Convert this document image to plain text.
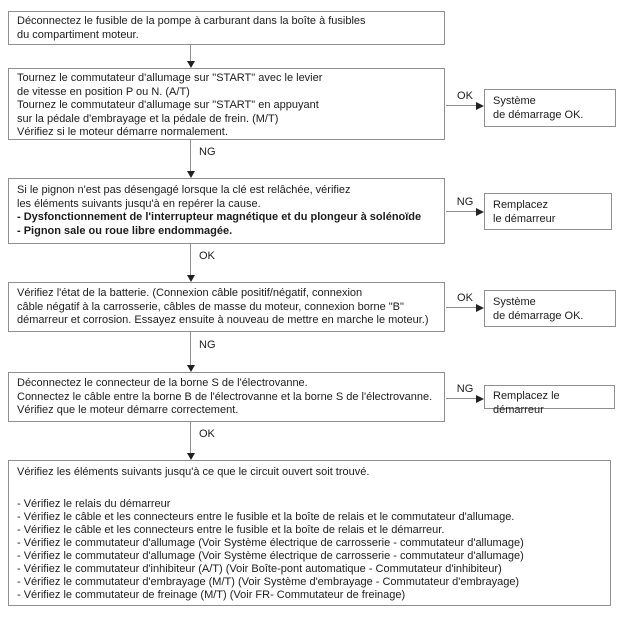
Déconnectez le fusible de la pompe à carburant dans la boîte à fusibles
du compartiment moteur.
Tournez le commutateur d'allumage sur "START" avec le levier
de vitesse en position P ou N. (A/T)
Tournez le commutateur d'allumage sur "START" en appuyant
sur la pédale d'embrayage et la pédale de frein. (M/T)
Vérifiez si le moteur démarre normalement.
OK	Système
de démarrage OK.
NG
Si le pignon n'est pas désengagé lorsque la clé est relâchée, vérifiez
les éléments suivants jusqu'à en repérer la cause.
- Dysfonctionnement de l'interrupteur magnétique et du plongeur à solénoïde
- Pignon sale ou roue libre endommagée.
NG	Remplacez
le démarreur
OK
Vérifiez l'état de la batterie. (Connexion câble positif/négatif, connexion
câble négatif à la carrosserie, câbles de masse du moteur, connexion borne "B"
démarreur et corrosion. Essayez ensuite à nouveau de mettre en marche le moteur.)
OK	Système
de démarrage OK.
NG
Déconnectez le connecteur de la borne S de l'électrovanne.
Connectez le câble entre la borne B de l'électrovanne et la borne S de l'électrovanne.
Vérifiez que le moteur démarre correctement.
NG
Remplacez le démarreur
OK
Vérifiez les éléments suivants jusqu'à ce que le circuit ouvert soit trouvé.
- Vérifiez le relais du démarreur
- Vérifiez le câble et les connecteurs entre le fusible et la boîte de relais et le commutateur d'allumage.
- Vérifiez le câble et les connecteurs entre le fusible et la boîte de relais et le démarreur.
- Vérifiez le commutateur d'allumage (Voir Système électrique de carrosserie - commutateur d'allumage)
- Vérifiez le commutateur d'allumage (Voir Système électrique de carrosserie - commutateur d'allumage)
- Vérifiez le commutateur d'inhibiteur (A/T) (Voir Boîte-pont automatique - Commutateur d'inhibiteur)
- Vérifiez le commutateur d'embrayage (M/T) (Voir Système d'embrayage - Commutateur d'embrayage)
- Vérifiez le commutateur de freinage (M/T) (Voir FR- Commutateur de freinage)
